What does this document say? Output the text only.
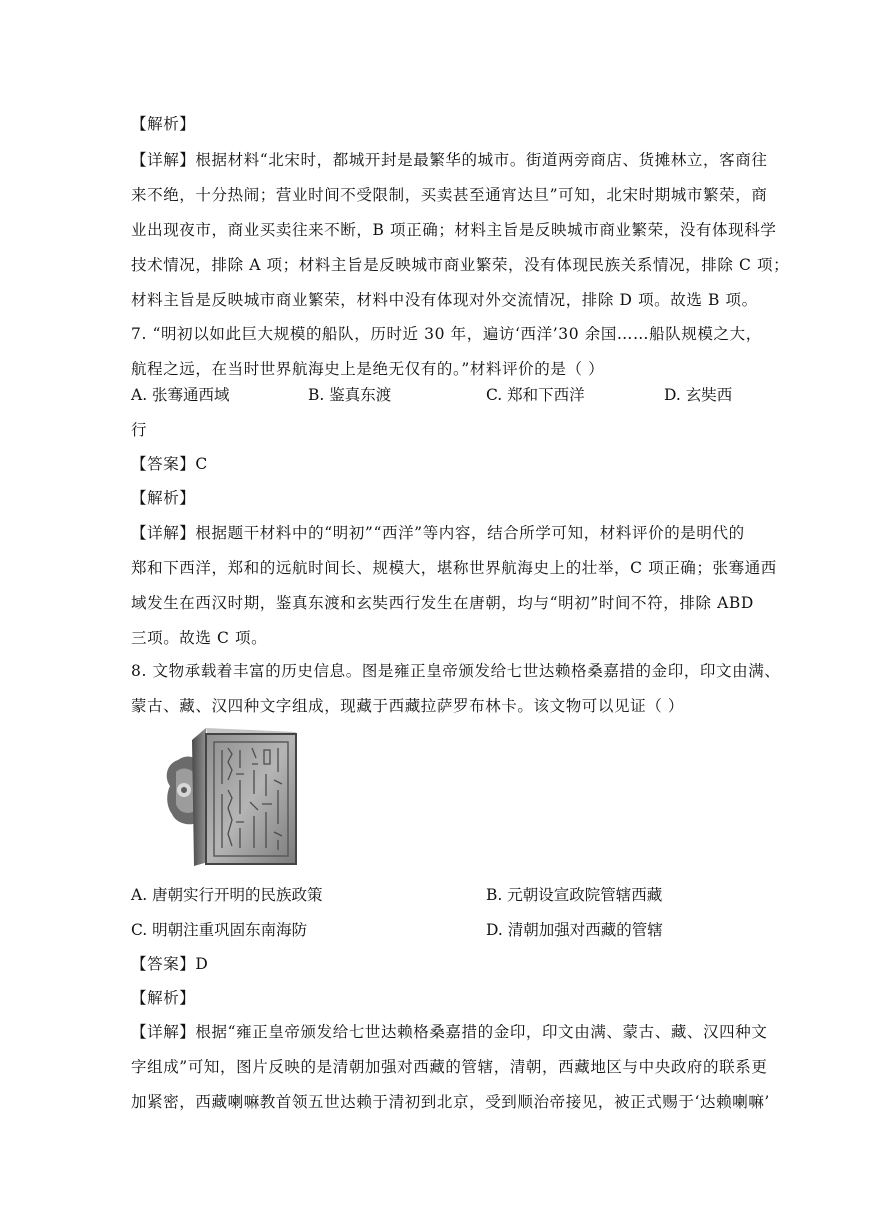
【解析】
【详解】根据材料“北宋时，都城开封是最繁华的城市。街道两旁商店、货摊林立，客商往
来不绝，十分热闹；营业时间不受限制，买卖甚至通宵达旦”可知，北宋时期城市繁荣，商
业出现夜市，商业买卖往来不断，B 项正确；材料主旨是反映城市商业繁荣，没有体现科学
技术情况，排除 A 项；材料主旨是反映城市商业繁荣，没有体现民族关系情况，排除 C 项；
材料主旨是反映城市商业繁荣，材料中没有体现对外交流情况，排除 D 项。故选 B 项。
7. “明初以如此巨大规模的船队，历时近 30 年，遍访‘西洋’30 余国……船队规模之大，
航程之远，在当时世界航海史上是绝无仅有的。”材料评价的是（ ）
A. 张骞通西域	B. 鉴真东渡	C. 郑和下西洋	D. 玄奘西
行
【答案】C
【解析】
【详解】根据题干材料中的“明初”“西洋”等内容，结合所学可知，材料评价的是明代的
郑和下西洋，郑和的远航时间长、规模大，堪称世界航海史上的壮举，C 项正确；张骞通西
域发生在西汉时期，鉴真东渡和玄奘西行发生在唐朝，均与“明初”时间不符，排除 ABD
三项。故选 C 项。
8. 文物承载着丰富的历史信息。图是雍正皇帝颁发给七世达赖格桑嘉措的金印，印文由满、
蒙古、藏、汉四种文字组成，现藏于西藏拉萨罗布林卡。该文物可以见证（ ）
A. 唐朝实行开明的民族政策	B. 元朝设宣政院管辖西藏
C. 明朝注重巩固东南海防	D. 清朝加强对西藏的管辖
【答案】D
【解析】
【详解】根据“雍正皇帝颁发给七世达赖格桑嘉措的金印，印文由满、蒙古、藏、汉四种文
字组成”可知，图片反映的是清朝加强对西藏的管辖，清朝，西藏地区与中央政府的联系更
加紧密，西藏喇嘛教首领五世达赖于清初到北京，受到顺治帝接见，被正式赐于‘达赖喇嘛’
